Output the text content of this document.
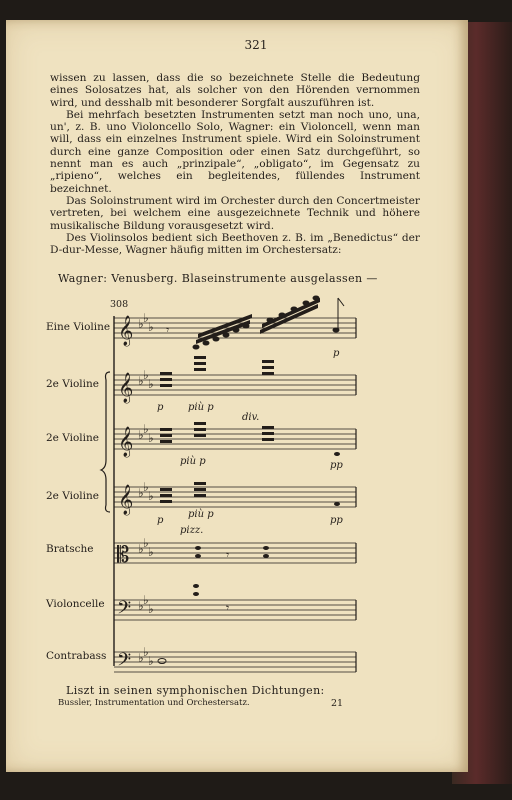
321

wissen zu lassen, dass die so bezeichnete Stelle die Bedeutung eines Solosatzes hat, als solcher von den Hörenden vernommen wird, und desshalb mit besonderer Sorgfalt auszuführen ist.

Bei mehrfach besetzten Instrumenten setzt man noch uno, una, un', z. B. uno Violoncello Solo, Wagner: ein Violoncell, wenn man will, dass ein einzelnes Instrument spiele. Wird ein Soloinstrument durch eine ganze Composition oder einen Satz durchgeführt, so nennt man es auch „prinzipale“, „obligato“, im Gegensatz zu „ripieno“, welches ein begleitendes, füllendes Instrument bezeichnet.

Das Soloinstrument wird im Orchester durch den Concertmeister vertreten, bei welchem eine ausgezeichnete Technik und höhere musikalische Bildung vorausgesetzt wird.

Des Violinsolos bedient sich Beethoven z. B. im „Benedictus“ der D-dur-Messe, Wagner häufig mitten im Orchestersatz:

Wagner: Venusberg. Blaseinstrumente ausgelassen —
308
Eine Violine
2e Violine
2e Violine
2e Violine
Bratsche
Violoncelle
Contrabass
𝄞
𝄞
𝄞
𝄞
𝄡
𝄢
𝄢
♭ ♭
♭
♭ ♭
♭
♭ ♭
♭
♭ ♭
♭
♭ ♭
♭
♭ ♭
♭
♭ ♭
♭
𝄾
𝄾
𝄾
p più p
p
div.
più p	pp
p
più p
pp
pizz.
Liszt in seinen symphonischen Dichtungen:
Bussler, Instrumentation und Orchestersatz.	21
